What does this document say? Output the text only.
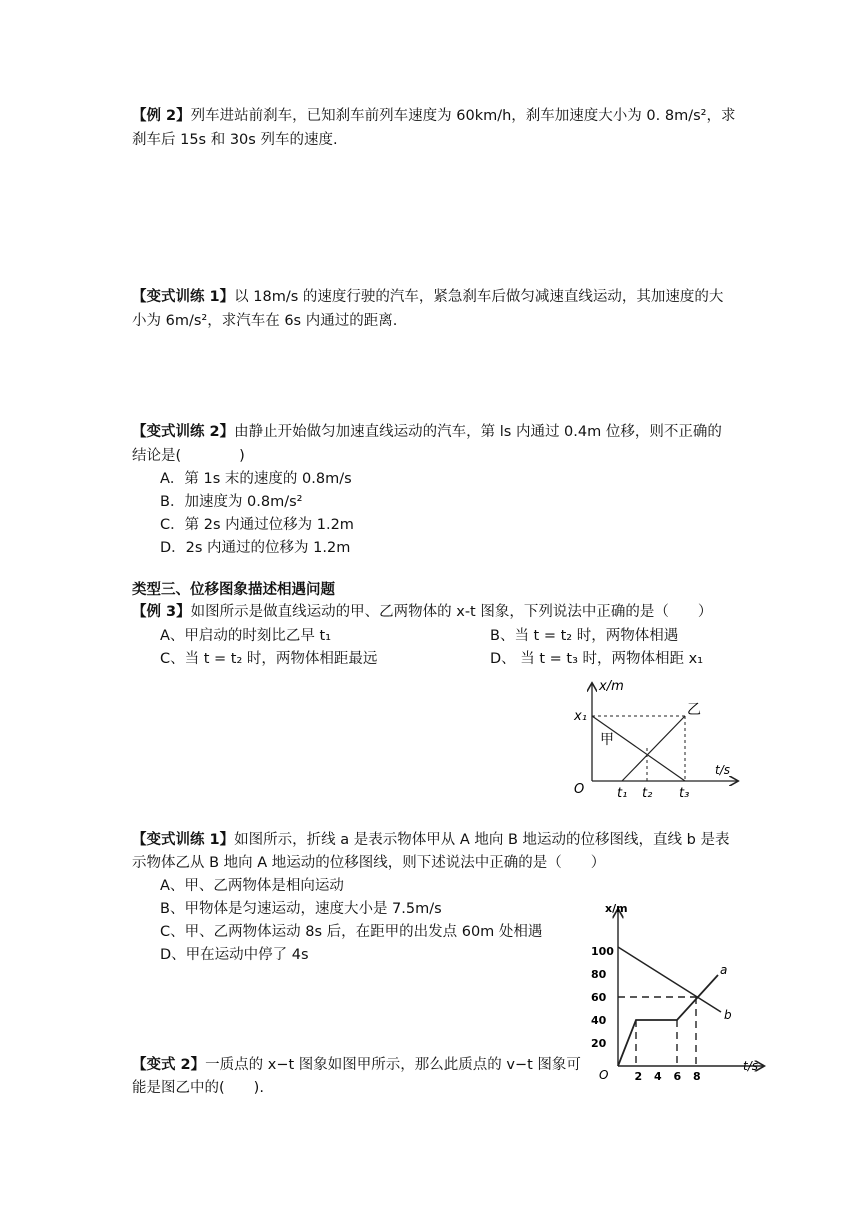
【例 2】列车进站前刹车，已知刹车前列车速度为 60km/h，刹车加速度大小为 0. 8m/s²，求
刹车后 15s 和 30s 列车的速度.
【变式训练 1】以 18m/s 的速度行驶的汽车，紧急刹车后做匀减速直线运动，其加速度的大
小为 6m/s²，求汽车在 6s 内通过的距离.
【变式训练 2】由静止开始做匀加速直线运动的汽车，第 ls 内通过 0.4m 位移，则不正确的
结论是(　　　　)
A．第 1s 末的速度的 0.8m/s
B．加速度为 0.8m/s²
C．第 2s 内通过位移为 1.2m
D．2s 内通过的位移为 1.2m
类型三、位移图象描述相遇问题
【例 3】如图所示是做直线运动的甲、乙两物体的 x-t 图象，下列说法中正确的是（　　）
A、甲启动的时刻比乙早 t₁	B、当 t = t₂ 时，两物体相遇
C、当 t = t₂ 时，两物体相距最远	D、 当 t = t₃ 时，两物体相距 x₁
x/m
t/s
O
x₁
甲
乙
t₁ t₂ t₃
【变式训练 1】如图所示，折线 a 是表示物体甲从 A 地向 B 地运动的位移图线，直线 b 是表
示物体乙从 B 地向 A 地运动的位移图线，则下述说法中正确的是（　　）
A、甲、乙两物体是相向运动
B、甲物体是匀速运动，速度大小是 7.5m/s
C、甲、乙两物体运动 8s 后，在距甲的出发点 60m 处相遇
D、甲在运动中停了 4s
x/m
t/s
O
100
80
60
40
20
2 4 6 8
a
b
【变式 2】一质点的 x−t 图象如图甲所示，那么此质点的 v−t 图象可
能是图乙中的(　　).
